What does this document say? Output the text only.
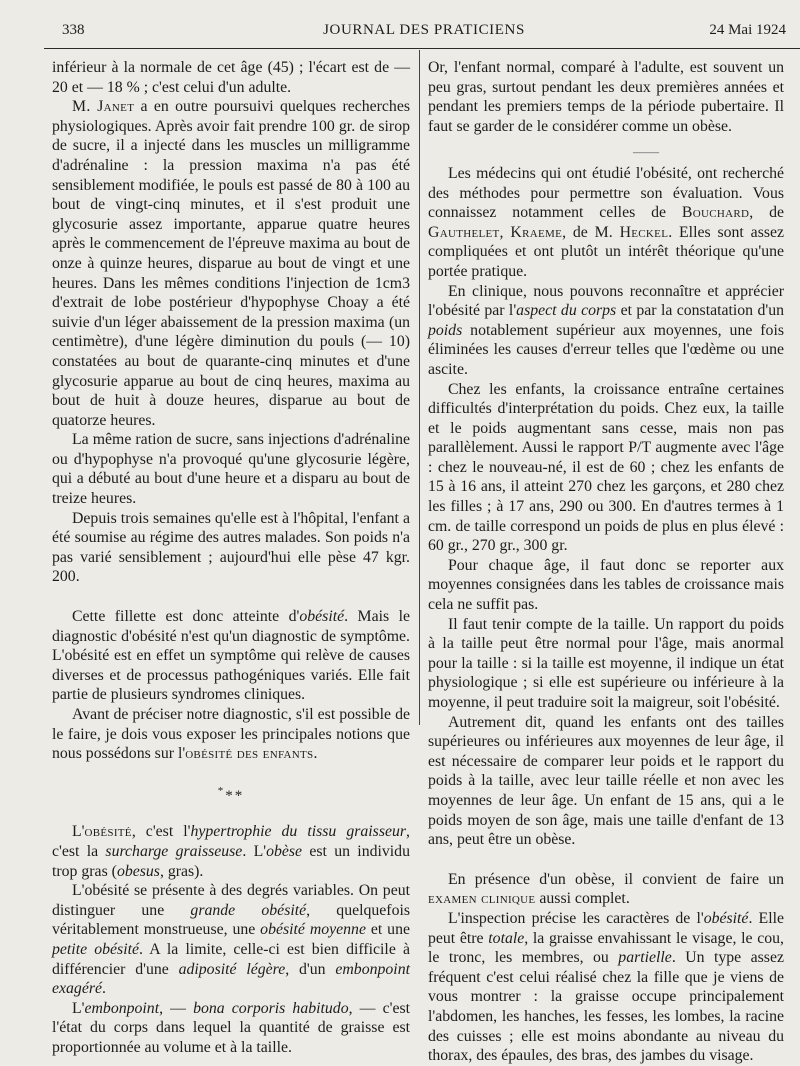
338	JOURNAL DES PRATICIENS	24 Mai 1924

inférieur à la normale de cet âge (45) ; l'écart est de — 20 et — 18 % ; c'est celui d'un adulte.

M. Janet a en outre poursuivi quelques recherches physiologiques. Après avoir fait prendre 100 gr. de sirop de sucre, il a injecté dans les muscles un milligramme d'adrénaline : la pression maxima n'a pas été sensiblement modifiée, le pouls est passé de 80 à 100 au bout de vingt-cinq minutes, et il s'est produit une glycosurie assez importante, apparue quatre heures après le commencement de l'épreuve maxima au bout de onze à quinze heures, disparue au bout de vingt et une heures. Dans les mêmes conditions l'injection de 1cm3 d'extrait de lobe postérieur d'hypophyse Choay a été suivie d'un léger abaissement de la pression maxima (un centimètre), d'une légère diminution du pouls (— 10) constatées au bout de quarante-cinq minutes et d'une glycosurie apparue au bout de cinq heures, maxima au bout de huit à douze heures, disparue au bout de quatorze heures.

La même ration de sucre, sans injections d'adrénaline ou d'hypophyse n'a provoqué qu'une glycosurie légère, qui a débuté au bout d'une heure et a disparu au bout de treize heures.

Depuis trois semaines qu'elle est à l'hôpital, l'enfant a été soumise au régime des autres malades. Son poids n'a pas varié sensiblement ; aujourd'hui elle pèse 47 kgr. 200.

Cette fillette est donc atteinte d'obésité. Mais le diagnostic d'obésité n'est qu'un diagnostic de symptôme. L'obésité est en effet un symptôme qui relève de causes diverses et de processus pathogéniques variés. Elle fait partie de plusieurs syndromes cliniques.

Avant de préciser notre diagnostic, s'il est possible de le faire, je dois vous exposer les principales notions que nous possédons sur l'obésité des enfants.

***

L'obésité, c'est l'hypertrophie du tissu graisseur, c'est la surcharge graisseuse. L'obèse est un individu trop gras (obesus, gras).

L'obésité se présente à des degrés variables. On peut distinguer une grande obésité, quelquefois véritablement monstrueuse, une obésité moyenne et une petite obésité. A la limite, celle-ci est bien difficile à différencier d'une adiposité légère, d'un embonpoint exagéré.

L'embonpoint, — bona corporis habitudo, — c'est l'état du corps dans lequel la quantité de graisse est proportionnée au volume et à la taille.

Or, l'enfant normal, comparé à l'adulte, est souvent un peu gras, surtout pendant les deux premières années et pendant les premiers temps de la période pubertaire. Il faut se garder de le considérer comme un obèse.

——

Les médecins qui ont étudié l'obésité, ont recherché des méthodes pour permettre son évaluation. Vous connaissez notamment celles de Bouchard, de Gauthelet, Kraeme, de M. Heckel. Elles sont assez compliquées et ont plutôt un intérêt théorique qu'une portée pratique.

En clinique, nous pouvons reconnaître et apprécier l'obésité par l'aspect du corps et par la constatation d'un poids notablement supérieur aux moyennes, une fois éliminées les causes d'erreur telles que l'œdème ou une ascite.

Chez les enfants, la croissance entraîne certaines difficultés d'interprétation du poids. Chez eux, la taille et le poids augmentant sans cesse, mais non pas parallèlement. Aussi le rapport P/T augmente avec l'âge : chez le nouveau-né, il est de 60 ; chez les enfants de 15 à 16 ans, il atteint 270 chez les garçons, et 280 chez les filles ; à 17 ans, 290 ou 300. En d'autres termes à 1 cm. de taille correspond un poids de plus en plus élevé : 60 gr., 270 gr., 300 gr.

Pour chaque âge, il faut donc se reporter aux moyennes consignées dans les tables de croissance mais cela ne suffit pas.

Il faut tenir compte de la taille. Un rapport du poids à la taille peut être normal pour l'âge, mais anormal pour la taille : si la taille est moyenne, il indique un état physiologique ; si elle est supérieure ou inférieure à la moyenne, il peut traduire soit la maigreur, soit l'obésité.

Autrement dit, quand les enfants ont des tailles supérieures ou inférieures aux moyennes de leur âge, il est nécessaire de comparer leur poids et le rapport du poids à la taille, avec leur taille réelle et non avec les moyennes de leur âge. Un enfant de 15 ans, qui a le poids moyen de son âge, mais une taille d'enfant de 13 ans, peut être un obèse.

En présence d'un obèse, il convient de faire un examen clinique aussi complet.

L'inspection précise les caractères de l'obésité. Elle peut être totale, la graisse envahissant le visage, le cou, le tronc, les membres, ou partielle. Un type assez fréquent c'est celui réalisé chez la fille que je viens de vous montrer : la graisse occupe principalement l'abdomen, les hanches, les fesses, les lombes, la racine des cuisses ; elle est moins abondante au niveau du thorax, des épaules, des bras, des jambes du visage.
